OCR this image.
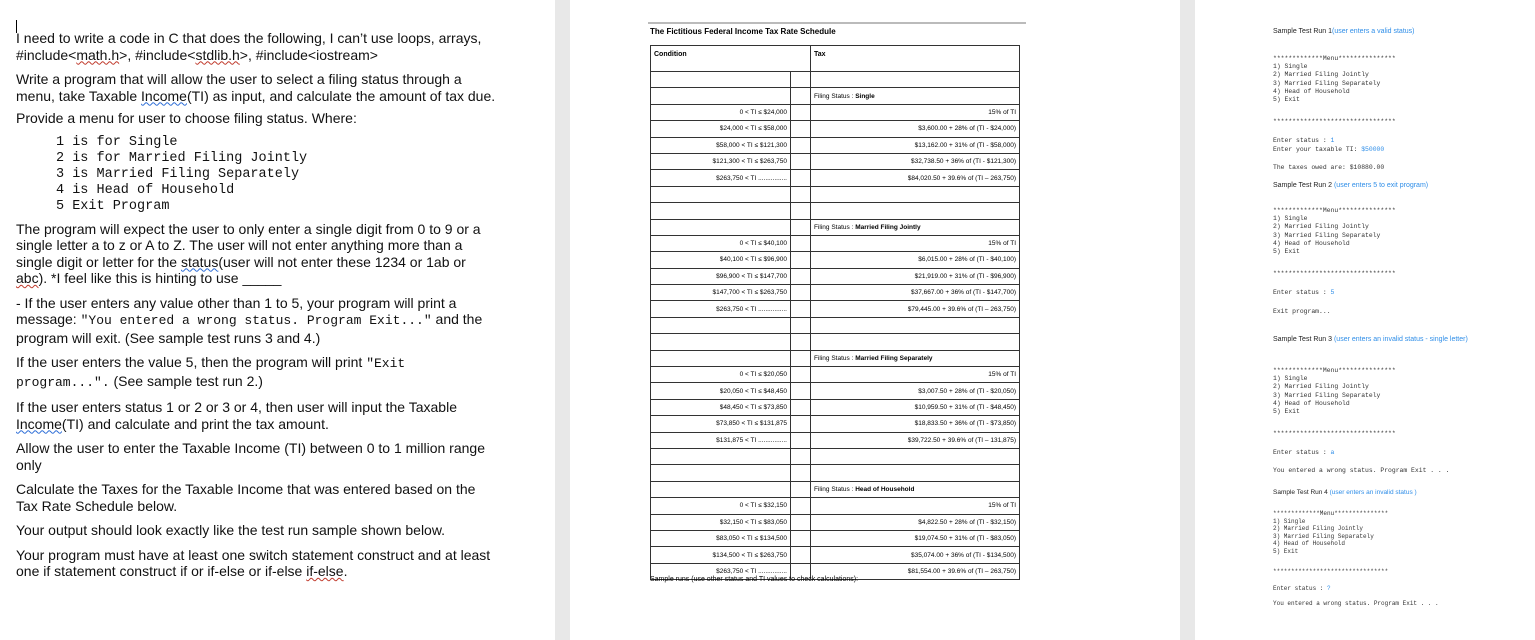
I need to write a code in C that does the following, I can’t use loops, arrays,
#include<math.h>, #include<stdlib.h>, #include<iostream>

Write a program that will allow the user to select a filing status through a menu, take Taxable Income(TI) as input, and calculate the amount of tax due.

Provide a menu for user to choose filing status. Where:

1 is for Single
2 is for Married Filing Jointly
3 is Married Filing Separately
4 is Head of Household
5 Exit Program

The program will expect the user to only enter a single digit from 0 to 9 or a single letter a to z or A to Z. The user will not enter anything more than a single digit or letter for the status(user will not enter these 1234 or 1ab or abc). *I feel like this is hinting to use _____

- If the user enters any value other than 1 to 5, your program will print a message: "You entered a wrong status. Program Exit..." and the program will exit. (See sample test runs 3 and 4.)

If the user enters the value 5, then the program will print "Exit program...". (See sample test run 2.)

If the user enters status 1 or 2 or 3 or 4, then user will input the Taxable Income(TI) and calculate and print the tax amount.

Allow the user to enter the Taxable Income (TI) between 0 to 1 million range only

Calculate the Taxes for the Taxable Income that was entered based on the Tax Rate Schedule below.

Your output should look exactly like the test run sample shown below.

Your program must have at least one switch statement construct and at least one if statement construct if or if-else or if-else if-else.

The Fictitious Federal Income Tax Rate Schedule
Condition		Tax

		Filing Status : Single
0 < TI ≤ $24,000		15% of TI
$24,000 < TI ≤ $58,000		$3,600.00 + 28% of (TI - $24,000)
$58,000 < TI ≤ $121,300		$13,162.00 + 31% of (TI - $58,000)
$121,300 < TI ≤ $263,750		$32,738.50 + 36% of (TI - $121,300)
$263,750 < TI ................		$84,020.50 + 39.6% of (TI – 263,750)

		Filing Status : Married Filing Jointly
0 < TI ≤ $40,100		15% of TI
$40,100 < TI ≤ $96,900		$6,015.00 + 28% of (TI - $40,100)
$96,900 < TI ≤ $147,700		$21,919.00 + 31% of (TI - $96,900)
$147,700 < TI ≤ $263,750		$37,667.00 + 36% of (TI - $147,700)
$263,750 < TI ................		$79,445.00 + 39.6% of (TI – 263,750)

		Filing Status : Married Filing Separately
0 < TI ≤ $20,050		15% of TI
$20,050 < TI ≤ $48,450		$3,007.50 + 28% of (TI - $20,050)
$48,450 < TI ≤ $73,850		$10,959.50 + 31% of (TI - $48,450)
$73,850 < TI ≤ $131,875		$18,833.50 + 36% of (TI - $73,850)
$131,875 < TI ................		$39,722.50 + 39.6% of (TI – 131,875)

		Filing Status : Head of Household
0 < TI ≤ $32,150		15% of TI
$32,150 < TI ≤ $83,050		$4,822.50 + 28% of (TI - $32,150)
$83,050 < TI ≤ $134,500		$19,074.50 + 31% of (TI - $83,050)
$134,500 < TI ≤ $263,750		$35,074.00 + 36% of (TI - $134,500)
$263,750 < TI ................		$81,554.00 + 39.6% of (TI – 263,750)
Sample runs (use other status and TI values to check calculations):
Sample Test Run 1(user enters a valid status)
*************Menu***************
1) Single
2) Married Filing Jointly
3) Married Filing Separately
4) Head of Household
5) Exit
********************************
Enter status : 1
Enter your taxable TI: $50000
The taxes owed are: $10880.00
Sample Test Run 2 (user enters 5 to exit program)
*************Menu***************
1) Single
2) Married Filing Jointly
3) Married Filing Separately
4) Head of Household
5) Exit
********************************
Enter status : 5
Exit program...
Sample Test Run 3 (user enters an invalid status - single letter)
*************Menu***************
1) Single
2) Married Filing Jointly
3) Married Filing Separately
4) Head of Household
5) Exit
********************************
Enter status : a
You entered a wrong status. Program Exit . . .
Sample Test Run 4 (user enters an invalid status )
*************Menu***************
1) Single
2) Married Filing Jointly
3) Married Filing Separately
4) Head of Household
5) Exit
********************************
Enter status : ?
You entered a wrong status. Program Exit . . .
